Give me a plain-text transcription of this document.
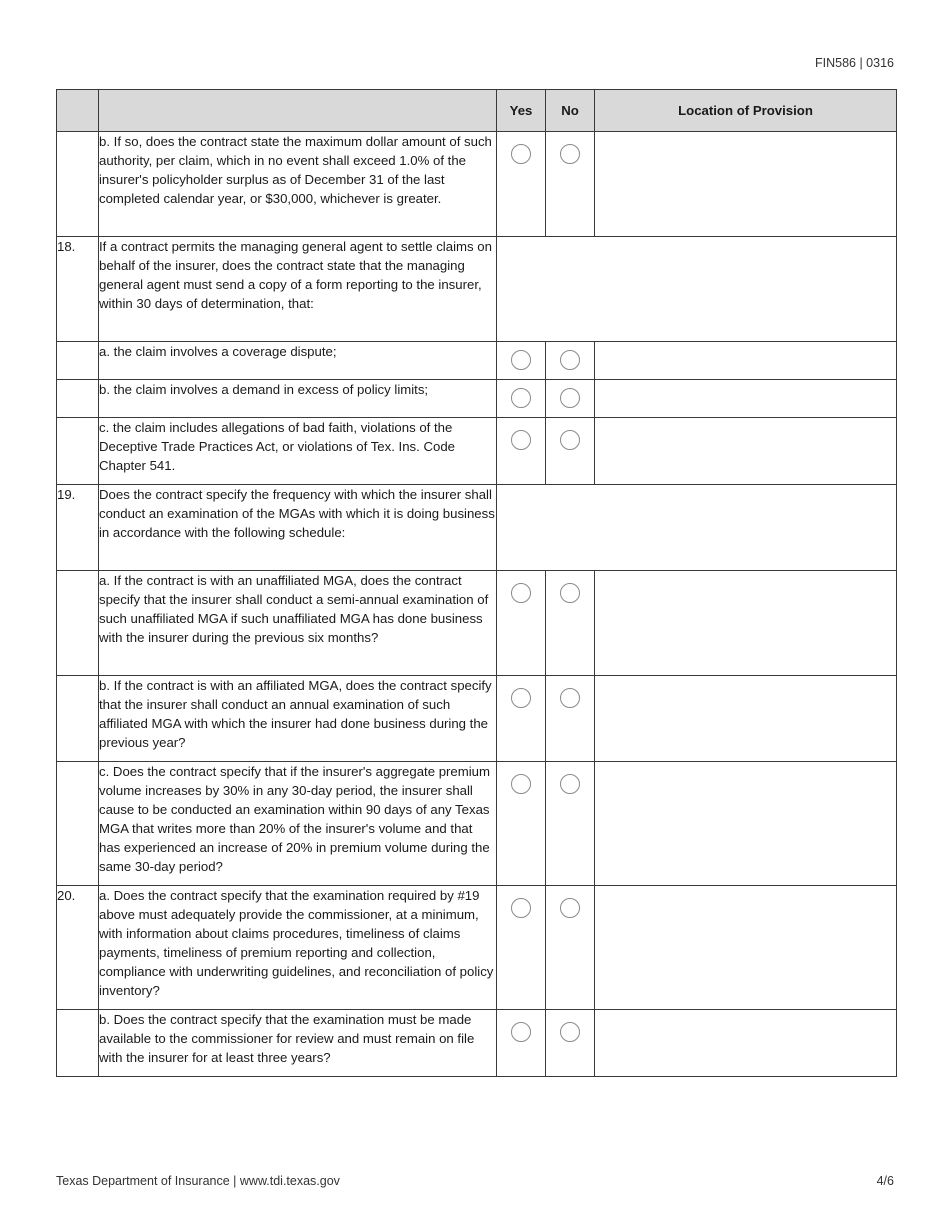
FIN586 | 0316
		Yes	No	Location of Provision
	b. If so, does the contract state the maximum dollar amount of such authority, per claim, which in no event shall exceed 1.0% of the insurer's policyholder surplus as of December 31 of the last completed calendar year, or $30,000, whichever is greater.			
18.	If a contract permits the managing general agent to settle claims on behalf of the insurer, does the contract state that the managing general agent must send a copy of a form reporting to the insurer, within 30 days of determination, that:			
	a. the claim involves a coverage dispute;			
	b. the claim involves a demand in excess of policy limits;			
	c. the claim includes allegations of bad faith, violations of the Deceptive Trade Practices Act, or violations of Tex. Ins. Code Chapter 541.			
19.	Does the contract specify the frequency with which the insurer shall conduct an examination of the MGAs with which it is doing business in accordance with the following schedule:			
	a. If the contract is with an unaffiliated MGA, does the contract specify that the insurer shall conduct a semi-annual examination of such unaffiliated MGA if such unaffiliated MGA has done business with the insurer during the previous six months?			
	b. If the contract is with an affiliated MGA, does the contract specify that the insurer shall conduct an annual examination of such affiliated MGA with which the insurer had done business during the previous year?			
	c. Does the contract specify that if the insurer's aggregate premium volume increases by 30% in any 30-day period, the insurer shall cause to be conducted an examination within 90 days of any Texas MGA that writes more than 20% of the insurer's volume and that has experienced an increase of 20% in premium volume during the same 30-day period?			
20.	a. Does the contract specify that the examination required by #19 above must adequately provide the commissioner, at a minimum, with information about claims procedures, timeliness of claims payments, timeliness of premium reporting and collection, compliance with underwriting guidelines, and reconciliation of policy inventory?			
	b. Does the contract specify that the examination must be made available to the commissioner for review and must remain on file with the insurer for at least three years?			
Texas Department of Insurance | www.tdi.texas.gov	4/6
